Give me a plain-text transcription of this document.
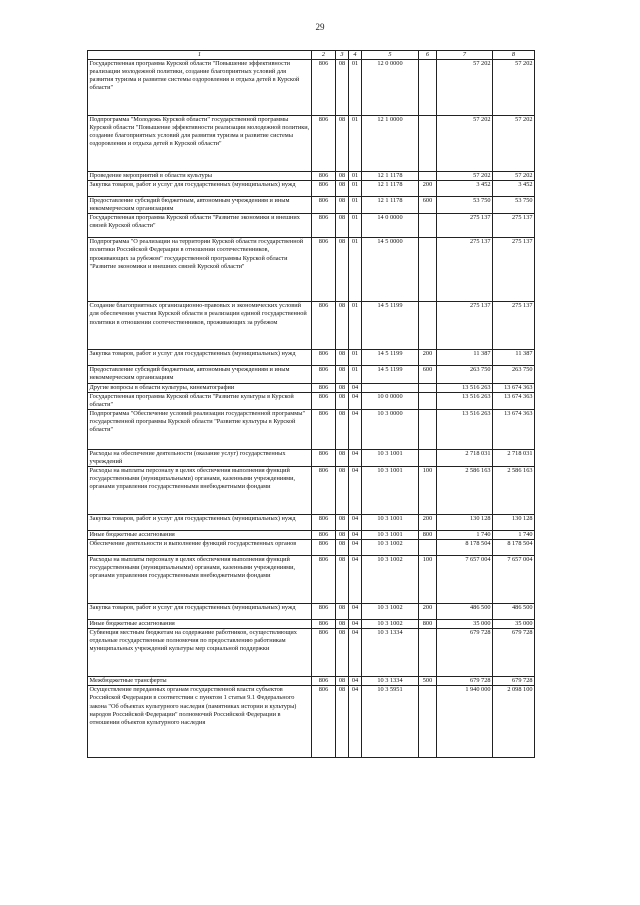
29
1	2	3	4	5	6	7	8
Государственная программа Курской области "Повышение эффективности реализации молодежной политики, создание благоприятных условий для развития туризма и развитие системы оздоровления и отдыха детей в Курской области"	806	08	01	12 0 0000		57 202	57 202
Подпрограмма "Молодежь Курской области" государственной программы Курской области "Повышение эффективности реализации молодежной политики, создание благоприятных условий для развития туризма и развитие системы оздоровления и отдыха детей в Курской области"	806	08	01	12 1 0000		57 202	57 202
Проведение мероприятий в области культуры	806	08	01	12 1 1178		57 202	57 202
Закупка товаров, работ и услуг для государственных (муниципальных) нужд	806	08	01	12 1 1178	200	3 452	3 452
Предоставление субсидий бюджетным, автономным учреждениям и иным некоммерческим организациям	806	08	01	12 1 1178	600	53 750	53 750
Государственная программа Курской области "Развитие экономики и внешних связей Курской области"	806	08	01	14 0 0000		275 137	275 137
Подпрограмма "О реализации на территории Курской области государственной политики Российской Федерации в отношении соотечественников, проживающих за рубежом" государственной программы Курской области "Развитие экономики и внешних связей Курской области"	806	08	01	14 5 0000		275 137	275 137
Создание благоприятных организационно-правовых и экономических условий для обеспечения участия Курской области в реализации единой государственной политики в отношении соотечественников, проживающих за рубежом	806	08	01	14 5 1199		275 137	275 137
Закупка товаров, работ и услуг для государственных (муниципальных) нужд	806	08	01	14 5 1199	200	11 387	11 387
Предоставление субсидий бюджетным, автономным учреждениям и иным некоммерческим организациям	806	08	01	14 5 1199	600	263 750	263 750
Другие вопросы в области культуры, кинематографии	806	08	04			13 516 263	13 674 363
Государственная программа Курской области "Развитие культуры в Курской области"	806	08	04	10 0 0000		13 516 263	13 674 363
Подпрограмма "Обеспечение условий реализации государственной программы" государственной программы Курской области "Развитие культуры в Курской области"	806	08	04	10 3 0000		13 516 263	13 674 363
Расходы на обеспечение деятельности (оказание услуг) государственных учреждений	806	08	04	10 3 1001		2 718 031	2 718 031
Расходы на выплаты персоналу в целях обеспечения выполнения функций государственными (муниципальными) органами, казенными учреждениями, органами управления государственными внебюджетными фондами	806	08	04	10 3 1001	100	2 586 163	2 586 163
Закупка товаров, работ и услуг для государственных (муниципальных) нужд	806	08	04	10 3 1001	200	130 128	130 128
Иные бюджетные ассигнования	806	08	04	10 3 1001	800	1 740	1 740
Обеспечение деятельности и выполнение функций государственных органов	806	08	04	10 3 1002		8 178 504	8 178 504
Расходы на выплаты персоналу в целях обеспечения выполнения функций государственными (муниципальными) органами, казенными учреждениями, органами управления государственными внебюджетными фондами	806	08	04	10 3 1002	100	7 657 004	7 657 004
Закупка товаров, работ и услуг для государственных (муниципальных) нужд	806	08	04	10 3 1002	200	486 500	486 500
Иные бюджетные ассигнования	806	08	04	10 3 1002	800	35 000	35 000
Субвенция местным бюджетам на содержание работников, осуществляющих отдельные государственные полномочия по предоставлению работникам муниципальных учреждений культуры мер социальной поддержки	806	08	04	10 3 1334		679 728	679 728
Межбюджетные трансферты	806	08	04	10 3 1334	500	679 728	679 728
Осуществление переданных органам государственной власти субъектов Российской Федерации в соответствии с пунктом 1 статьи 9.1 Федерального закона "Об объектах культурного наследия (памятниках истории и культуры) народов Российской Федерации" полномочий Российской Федерации в отношении объектов культурного наследия	806	08	04	10 3 5951		1 940 000	2 098 100
